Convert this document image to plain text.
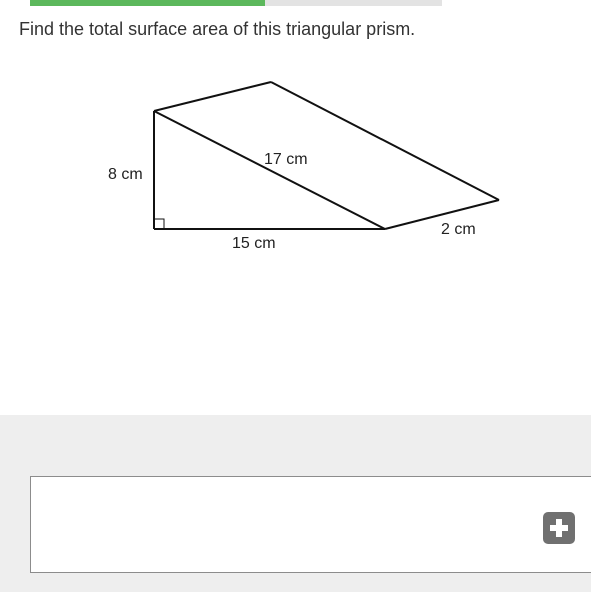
Find the total surface area of this triangular prism.
8 cm
17 cm
15 cm
2 cm
